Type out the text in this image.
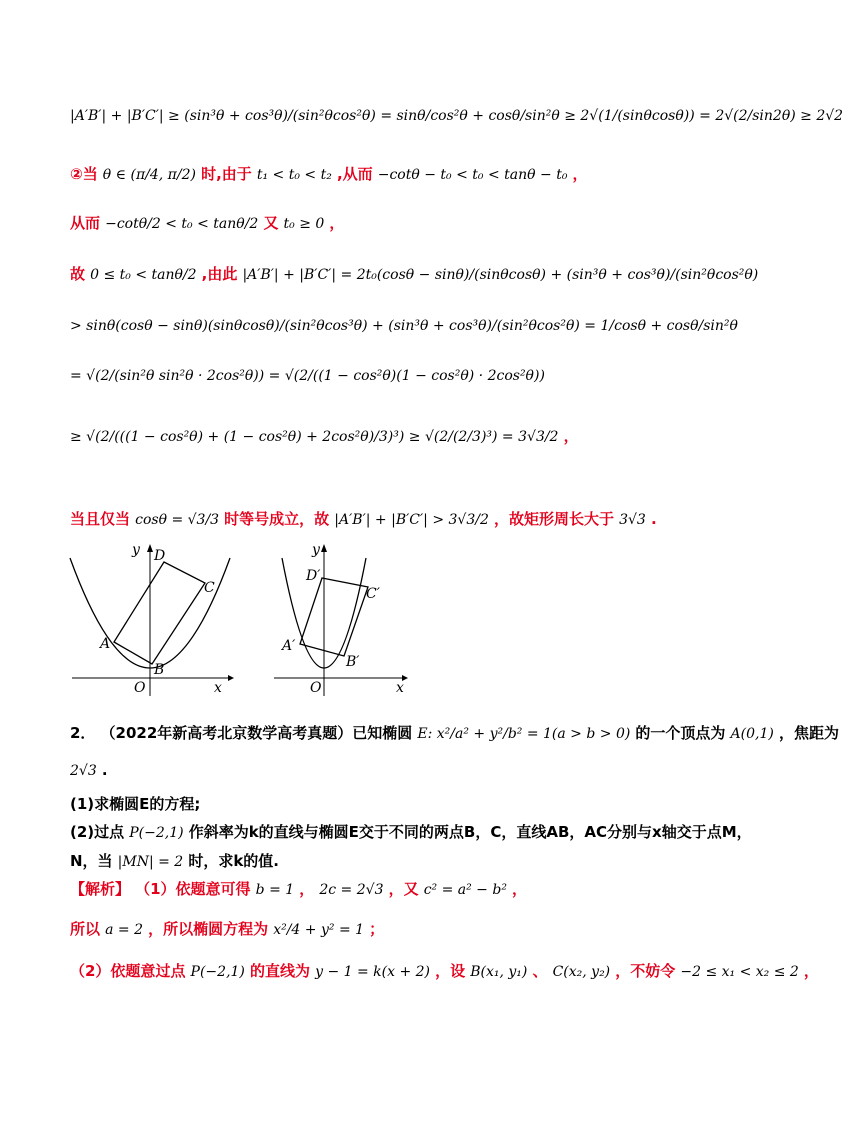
|A′B′| + |B′C′| ≥ (sin³θ + cos³θ)/(sin²θcos²θ) = sinθ/cos²θ + cosθ/sin²θ ≥ 2√(1/(sinθcosθ)) = 2√(2/sin2θ) ≥ 2√2
②当 θ ∈ (π/4, π/2) 时,由于 t₁ < t₀ < t₂ ,从而 −cotθ − t₀ < t₀ < tanθ − t₀ ，
从而 −cotθ/2 < t₀ < tanθ/2 又 t₀ ≥ 0 ，
故 0 ≤ t₀ < tanθ/2 ,由此 |A′B′| + |B′C′| = 2t₀(cosθ − sinθ)/(sinθcosθ) + (sin³θ + cos³θ)/(sin²θcos²θ)
> sinθ(cosθ − sinθ)(sinθcosθ)/(sin²θcos³θ) + (sin³θ + cos³θ)/(sin²θcos²θ) = 1/cosθ + cosθ/sin²θ
= √(2/(sin²θ sin²θ · 2cos²θ)) = √(2/((1 − cos²θ)(1 − cos²θ) · 2cos²θ))
≥ √(2/(((1 − cos²θ) + (1 − cos²θ) + 2cos²θ)/3)³) ≥ √(2/(2/3)³) = 3√3/2 ，
当且仅当 cosθ = √3/3 时等号成立，故 |A′B′| + |B′C′| > 3√3/2 ，故矩形周长大于 3√3 .
y
x
O
A
B
C
D	y
x
O
A′
B′
C′
D′
2． （2022年新高考北京数学高考真题）已知椭圆 E: x²/a² + y²/b² = 1(a > b > 0) 的一个顶点为 A(0,1) ，焦距为
2√3 .
(1)求椭圆E的方程;
(2)过点 P(−2,1) 作斜率为k的直线与椭圆E交于不同的两点B，C，直线AB，AC分别与x轴交于点M，
N，当 |MN| = 2 时，求k的值.
【解析】 （1）依题意可得 b = 1 ， 2c = 2√3 ，又 c² = a² − b² ，
所以 a = 2 ，所以椭圆方程为 x²/4 + y² = 1 ；
（2）依题意过点 P(−2,1) 的直线为 y − 1 = k(x + 2) ，设 B(x₁, y₁) 、 C(x₂, y₂) ，不妨令 −2 ≤ x₁ < x₂ ≤ 2 ，
